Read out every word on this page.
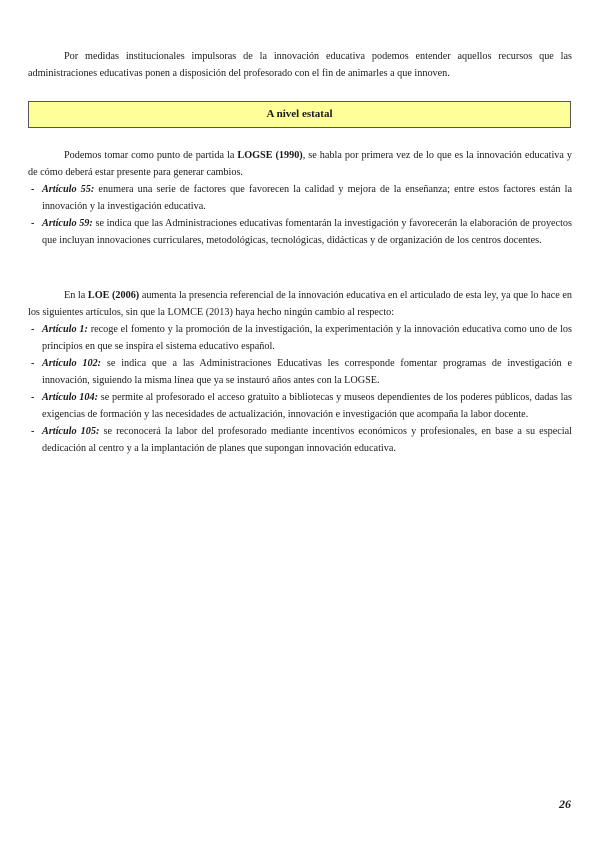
Por medidas institucionales impulsoras de la innovación educativa podemos entender aquellos recursos que las administraciones educativas ponen a disposición del profesorado con el fin de animarles a que innoven.

A nivel estatal

Podemos tomar como punto de partida la LOGSE (1990), se habla por primera vez de lo que es la innovación educativa y de cómo deberá estar presente para generar cambios.

- Artículo 55: enumera una serie de factores que favorecen la calidad y mejora de la enseñanza; entre estos factores están la innovación y la investigación educativa.
- Artículo 59: se indica que las Administraciones educativas fomentarán la investigación y favorecerán la elaboración de proyectos que incluyan innovaciones curriculares, metodológicas, tecnológicas, didácticas y de organización de los centros docentes.

En la LOE (2006) aumenta la presencia referencial de la innovación educativa en el articulado de esta ley, ya que lo hace en los siguientes artículos, sin que la LOMCE (2013) haya hecho ningún cambio al respecto:

- Artículo 1: recoge el fomento y la promoción de la investigación, la experimentación y la innovación educativa como uno de los principios en que se inspira el sistema educativo español.
- Artículo 102: se indica que a las Administraciones Educativas les corresponde fomentar programas de investigación e innovación, siguiendo la misma línea que ya se instauró años antes con la LOGSE.
- Artículo 104: se permite al profesorado el acceso gratuito a bibliotecas y museos dependientes de los poderes públicos, dadas las exigencias de formación y las necesidades de actualización, innovación e investigación que acompaña la labor docente.
- Artículo 105: se reconocerá la labor del profesorado mediante incentivos económicos y profesionales, en base a su especial dedicación al centro y a la implantación de planes que supongan innovación educativa.
26
